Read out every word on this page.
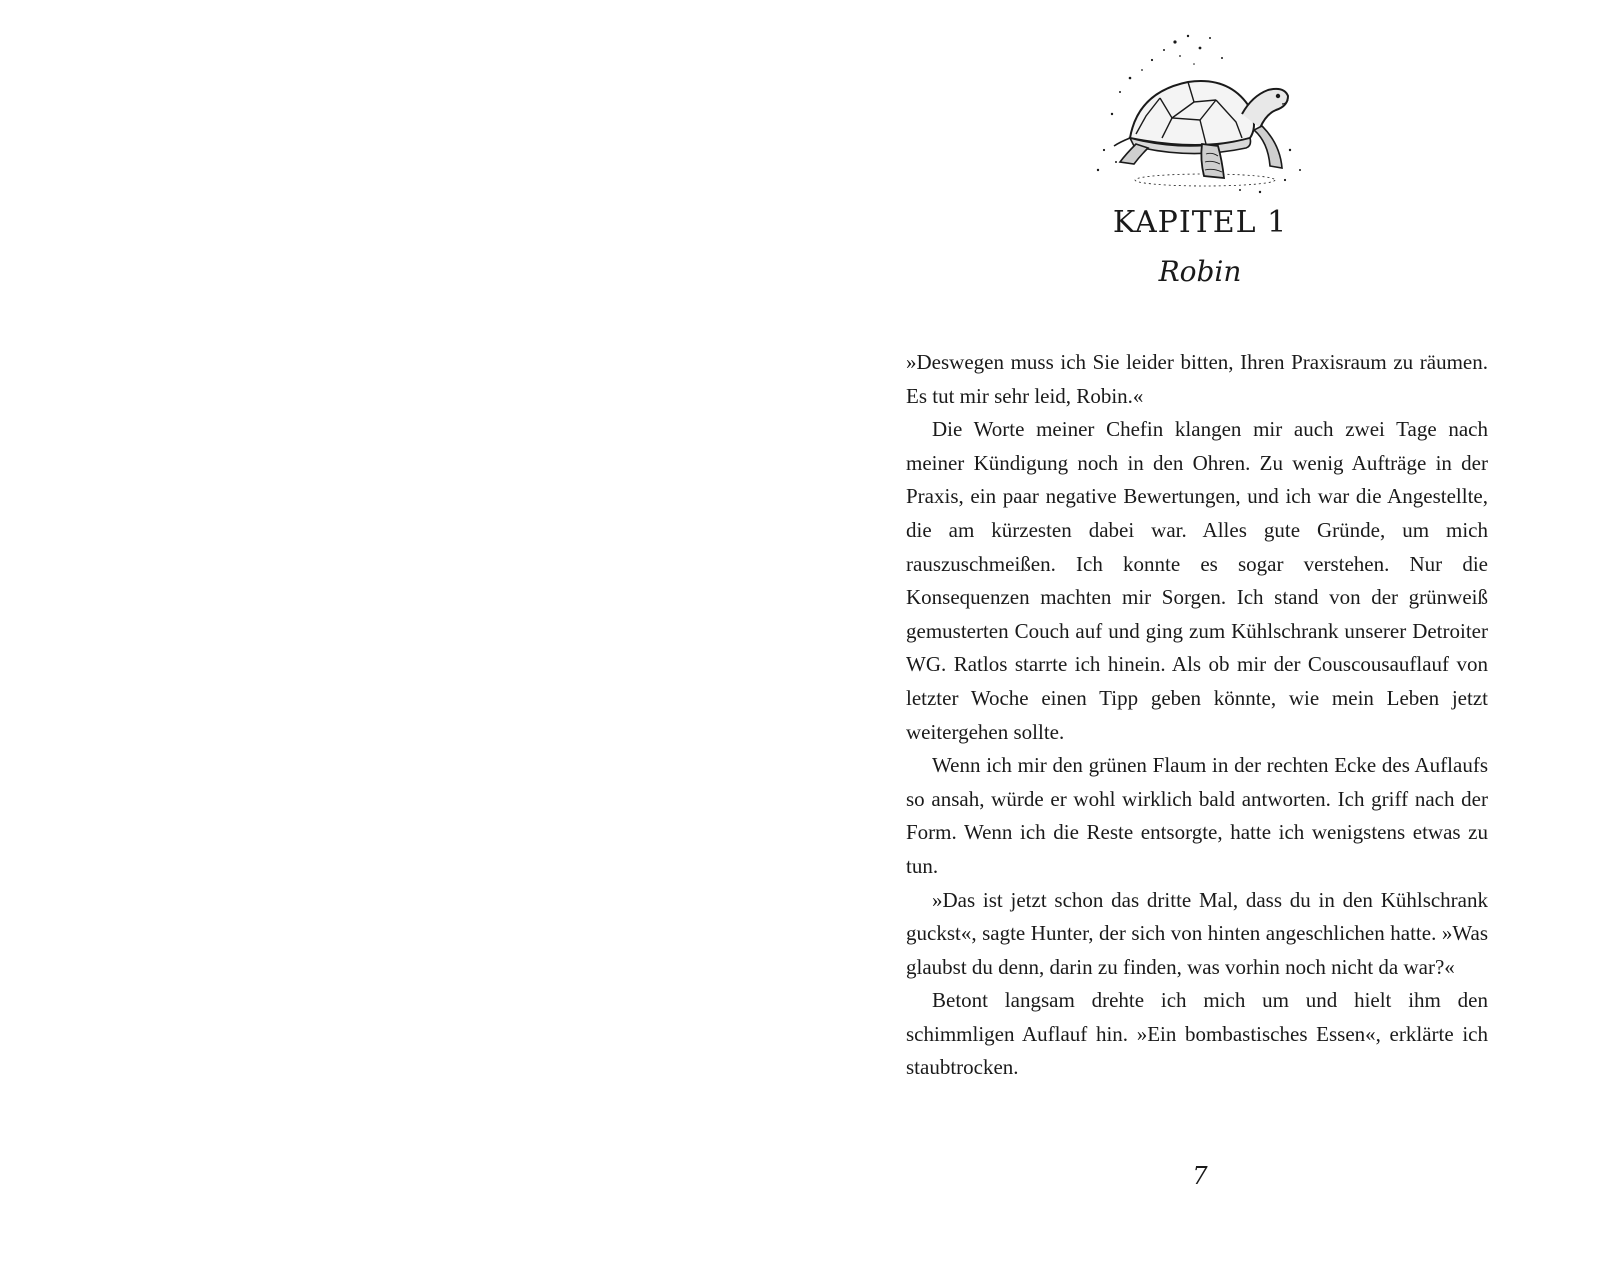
KAPITEL 1
Robin

»Deswegen muss ich Sie leider bitten, Ihren Praxisraum zu räumen. Es tut mir sehr leid, Robin.«

Die Worte meiner Chefin klangen mir auch zwei Tage nach meiner Kündigung noch in den Ohren. Zu wenig Aufträge in der Praxis, ein paar negative Bewertungen, und ich war die Angestellte, die am kürzesten dabei war. Alles gute Gründe, um mich rauszuschmeißen. Ich konnte es sogar verstehen. Nur die Konsequenzen machten mir Sorgen. Ich stand von der grünweiß gemusterten Couch auf und ging zum Kühlschrank unserer Detroiter WG. Ratlos starrte ich hinein. Als ob mir der Couscousauflauf von letzter Woche einen Tipp geben könnte, wie mein Leben jetzt weitergehen sollte.

Wenn ich mir den grünen Flaum in der rechten Ecke des Auflaufs so ansah, würde er wohl wirklich bald antworten. Ich griff nach der Form. Wenn ich die Reste entsorgte, hatte ich wenigstens etwas zu tun.

»Das ist jetzt schon das dritte Mal, dass du in den Kühlschrank guckst«, sagte Hunter, der sich von hinten angeschlichen hatte. »Was glaubst du denn, darin zu finden, was vorhin noch nicht da war?«

Betont langsam drehte ich mich um und hielt ihm den schimmligen Auflauf hin. »Ein bombastisches Essen«, erklärte ich staubtrocken.

7
